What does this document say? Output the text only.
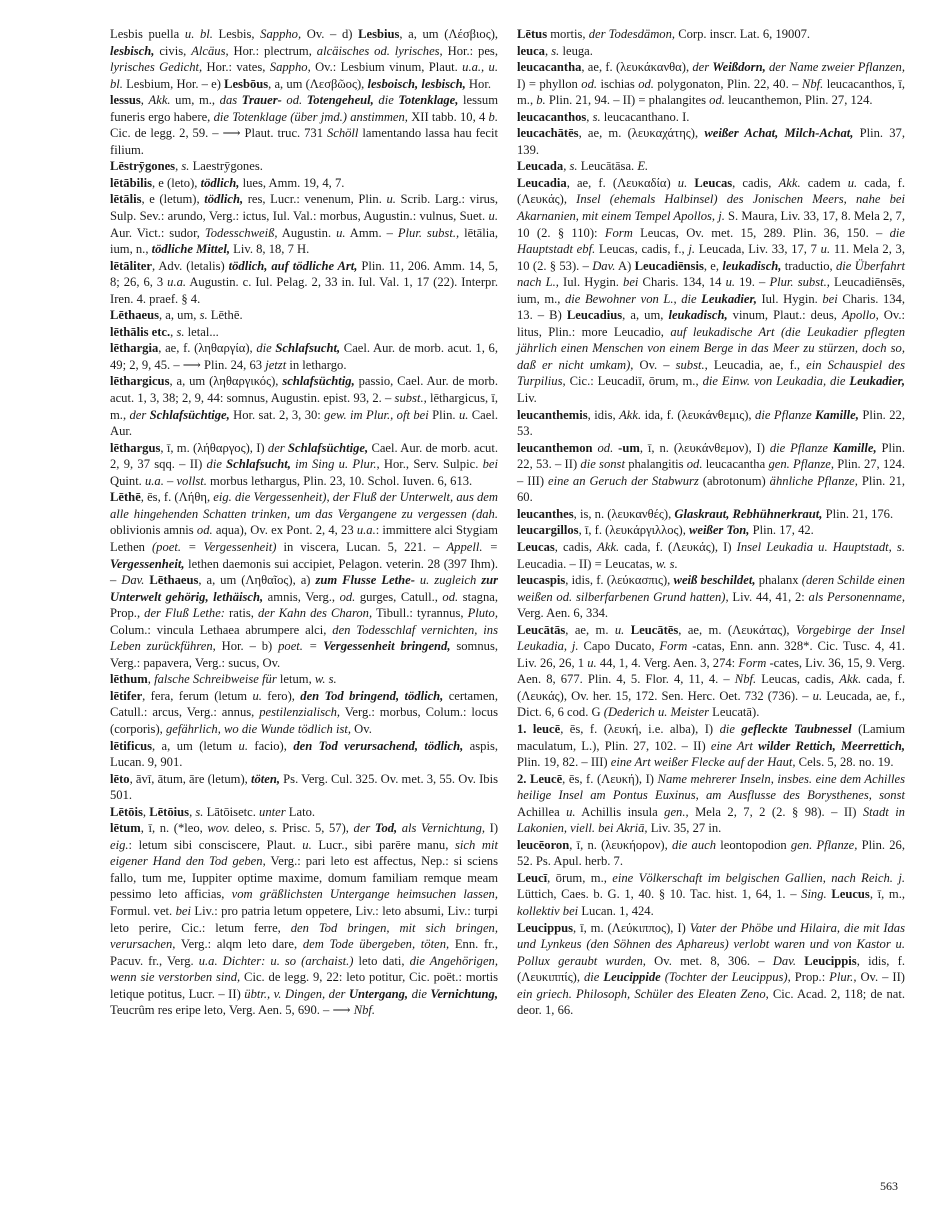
Lesbis puella u. bl. Lesbis, Sappho, Ov. – d) Lesbius, a, um (Λέσβιος), lesbisch, civis, Alcäus, Hor.: plectrum, alcäisches od. lyrisches, Hor.: pes, lyrisches Gedicht, Hor.: vates, Sappho, Ov.: Lesbium vinum, Plaut. u.a., u. bl. Lesbium, Hor. – e) Lesbōus, a, um (Λεσβῶος), lesboisch, lesbisch, Hor.

lessus, Akk. um, m., das Trauer- od. Totengeheul, die Totenklage, lessum funeris ergo habere, die Totenklage (über jmd.) anstimmen, XII tabb. 10, 4 b. Cic. de legg. 2, 59. – ⟶ Plaut. truc. 731 Schöll lamentando lassa hau fecit filium.

Lēstrȳgones, s. Laestrȳgones.

lētābilis, e (leto), tödlich, lues, Amm. 19, 4, 7.

lētālis, e (letum), tödlich, res, Lucr.: venenum, Plin. u. Scrib. Larg.: virus, Sulp. Sev.: arundo, Verg.: ictus, Iul. Val.: morbus, Augustin.: vulnus, Suet. u. Aur. Vict.: sudor, Todesschweiß, Augustin. u. Amm. – Plur. subst., lētālia, ium, n., tödliche Mittel, Liv. 8, 18, 7 H.

lētāliter, Adv. (letalis) tödlich, auf tödliche Art, Plin. 11, 206. Amm. 14, 5, 8; 26, 6, 3 u.a. Augustin. c. Iul. Pelag. 2, 33 in. Iul. Val. 1, 17 (22). Interpr. Iren. 4. praef. § 4.

Lēthaeus, a, um, s. Lēthē.

lēthālis etc., s. letal...

lēthargia, ae, f. (ληθαργία), die Schlafsucht, Cael. Aur. de morb. acut. 1, 6, 49; 2, 9, 45. – ⟶ Plin. 24, 63 jetzt in lethargo.

lēthargicus, a, um (ληθαργικός), schlafsüchtig, passio, Cael. Aur. de morb. acut. 1, 3, 38; 2, 9, 44: somnus, Augustin. epist. 93, 2. – subst., lēthargicus, ī, m., der Schlafsüchtige, Hor. sat. 2, 3, 30: gew. im Plur., oft bei Plin. u. Cael. Aur.

lēthargus, ī, m. (λήθαργος), I) der Schlafsüchtige, Cael. Aur. de morb. acut. 2, 9, 37 sqq. – II) die Schlafsucht, im Sing u. Plur., Hor., Serv. Sulpic. bei Quint. u.a. – vollst. morbus lethargus, Plin. 23, 10. Schol. Iuven. 6, 613.

Lēthē, ēs, f. (Λήθη, eig. die Vergessenheit), der Fluß der Unterwelt, aus dem alle hingehenden Schatten trinken, um das Vergangene zu vergessen (dah. oblivionis amnis od. aqua), Ov. ex Pont. 2, 4, 23 u.a.: immittere alci Stygiam Lethen (poet. = Vergessenheit) in viscera, Lucan. 5, 221. – Appell. = Vergessenheit, lethen daemonis sui accipiet, Pelagon. veterin. 28 (397 Ihm). – Dav. Lēthaeus, a, um (Ληθαῖος), a) zum Flusse Lethe- u. zugleich zur Unterwelt gehörig, lethäisch, amnis, Verg., od. gurges, Catull., od. stagna, Prop., der Fluß Lethe: ratis, der Kahn des Charon, Tibull.: tyrannus, Pluto, Colum.: vincula Lethaea abrumpere alci, den Todesschlaf vernichten, ins Leben zurückführen, Hor. – b) poet. = Vergessenheit bringend, somnus, Verg.: papavera, Verg.: sucus, Ov.

lēthum, falsche Schreibweise für letum, w. s.

lētifer, fera, ferum (letum u. fero), den Tod bringend, tödlich, certamen, Catull.: arcus, Verg.: annus, pestilenzialisch, Verg.: morbus, Colum.: locus (corporis), gefährlich, wo die Wunde tödlich ist, Ov.

lētificus, a, um (letum u. facio), den Tod verursachend, tödlich, aspis, Lucan. 9, 901.

lēto, āvī, ātum, āre (letum), töten, Ps. Verg. Cul. 325. Ov. met. 3, 55. Ov. Ibis 501.

Lētōis, Lētōius, s. Lātōisetc. unter Lato.

lētum, ī, n. (*leo, wov. deleo, s. Prisc. 5, 57), der Tod, als Vernichtung, I) eig.: letum sibi consciscere, Plaut. u. Lucr., sibi parēre manu, sich mit eigener Hand den Tod geben, Verg.: pari leto est affectus, Nep.: si sciens fallo, tum me, Iuppiter optime maxime, domum familiam remque meam pessimo leto afficias, vom gräßlichsten Untergange heimsuchen lassen, Formul. vet. bei Liv.: pro patria letum oppetere, Liv.: leto absumi, Liv.: turpi leto perire, Cic.: letum ferre, den Tod bringen, mit sich bringen, verursachen, Verg.: alqm leto dare, dem Tode übergeben, töten, Enn. fr., Pacuv. fr., Verg. u.a. Dichter: u. so (archaist.) leto dati, die Angehörigen, wenn sie verstorben sind, Cic. de legg. 9, 22: leto potitur, Cic. poët.: mortis letique potitus, Lucr. – II) übtr., v. Dingen, der Untergang, die Vernichtung, Teucrûm res eripe leto, Verg. Aen. 5, 690. – ⟶ Nbf.

Lētus mortis, der Todesdämon, Corp. inscr. Lat. 6, 19007.

leuca, s. leuga.

leucacantha, ae, f. (λευκάκανθα), der Weißdorn, der Name zweier Pflanzen, I) = phyllon od. ischias od. polygonaton, Plin. 22, 40. – Nbf. leucacanthos, ī, m., b. Plin. 21, 94. – II) = phalangites od. leucanthemon, Plin. 27, 124.

leucacanthos, s. leucacanthano. I.

leucachātēs, ae, m. (λευκαχάτης), weißer Achat, Milch-Achat, Plin. 37, 139.

Leucada, s. Leucātāsa. E.

Leucadia, ae, f. (Λευκαδία) u. Leucas, cadis, Akk. cadem u. cada, f. (Λευκάς), Insel (ehemals Halbinsel) des Jonischen Meers, nahe bei Akarnanien, mit einem Tempel Apollos, j. S. Maura, Liv. 33, 17, 8. Mela 2, 7, 10 (2. § 110): Form Leucas, Ov. met. 15, 289. Plin. 36, 150. – die Hauptstadt ebf. Leucas, cadis, f., j. Leucada, Liv. 33, 17, 7 u. 11. Mela 2, 3, 10 (2. § 53). – Dav. A) Leucadiēnsis, e, leukadisch, traductio, die Überfahrt nach L., Iul. Hygin. bei Charis. 134, 14 u. 19. – Plur. subst., Leucadiēnsēs, ium, m., die Bewohner von L., die Leukadier, Iul. Hygin. bei Charis. 134, 13. – B) Leucadius, a, um, leukadisch, vinum, Plaut.: deus, Apollo, Ov.: litus, Plin.: more Leucadio, auf leukadische Art (die Leukadier pflegten jährlich einen Menschen von einem Berge in das Meer zu stürzen, doch so, daß er nicht umkam), Ov. – subst., Leucadia, ae, f., ein Schauspiel des Turpilius, Cic.: Leucadiī, ōrum, m., die Einw. von Leukadia, die Leukadier, Liv.

leucanthemis, idis, Akk. ida, f. (λευκάνθεμις), die Pflanze Kamille, Plin. 22, 53.

leucanthemon od. -um, ī, n. (λευκάνθεμον), I) die Pflanze Kamille, Plin. 22, 53. – II) die sonst phalangitis od. leucacantha gen. Pflanze, Plin. 27, 124. – III) eine an Geruch der Stabwurz (abrotonum) ähnliche Pflanze, Plin. 21, 60.

leucanthes, is, n. (λευκανθές), Glaskraut, Rebhühnerkraut, Plin. 21, 176.

leucargillos, ī, f. (λευκάργιλλος), weißer Ton, Plin. 17, 42.

Leucas, cadis, Akk. cada, f. (Λευκάς), I) Insel Leukadia u. Hauptstadt, s. Leucadia. – II) = Leucatas, w. s.

leucaspis, idis, f. (λεύκασπις), weiß beschildet, phalanx (deren Schilde einen weißen od. silberfarbenen Grund hatten), Liv. 44, 41, 2: als Personenname, Verg. Aen. 6, 334.

Leucātās, ae, m. u. Leucātēs, ae, m. (Λευκάτας), Vorgebirge der Insel Leukadia, j. Capo Ducato, Form -catas, Enn. ann. 328*. Cic. Tusc. 4, 41. Liv. 26, 26, 1 u. 44, 1, 4. Verg. Aen. 3, 274: Form -cates, Liv. 36, 15, 9. Verg. Aen. 8, 677. Plin. 4, 5. Flor. 4, 11, 4. – Nbf. Leucas, cadis, Akk. cada, f. (Λευκάς), Ov. her. 15, 172. Sen. Herc. Oet. 732 (736). – u. Leucada, ae, f., Dict. 6, 6 cod. G (Dederich u. Meister Leucatā).

1. leucē, ēs, f. (λευκή, i.e. alba), I) die gefleckte Taubnessel (Lamium maculatum, L.), Plin. 27, 102. – II) eine Art wilder Rettich, Meerrettich, Plin. 19, 82. – III) eine Art weißer Flecke auf der Haut, Cels. 5, 28. no. 19.

2. Leucē, ēs, f. (Λευκή), I) Name mehrerer Inseln, insbes. eine dem Achilles heilige Insel am Pontus Euxinus, am Ausflusse des Borysthenes, sonst Achillea u. Achillis insula gen., Mela 2, 7, 2 (2. § 98). – II) Stadt in Lakonien, viell. bei Akriā, Liv. 35, 27 in.

leucēoron, ī, n. (λευκήορον), die auch leontopodion gen. Pflanze, Plin. 26, 52. Ps. Apul. herb. 7.

Leucī, ōrum, m., eine Völkerschaft im belgischen Gallien, nach Reich. j. Lüttich, Caes. b. G. 1, 40. § 10. Tac. hist. 1, 64, 1. – Sing. Leucus, ī, m., kollektiv bei Lucan. 1, 424.

Leucippus, ī, m. (Λεύκιππος), I) Vater der Phöbe und Hilaira, die mit Idas und Lynkeus (den Söhnen des Aphareus) verlobt waren und von Kastor u. Pollux geraubt wurden, Ov. met. 8, 306. – Dav. Leucippis, idis, f. (Λευκιππίς), die Leucippide (Tochter der Leucippus), Prop.: Plur., Ov. – II) ein griech. Philosoph, Schüler des Eleaten Zeno, Cic. Acad. 2, 118; de nat. deor. 1, 66.

563
